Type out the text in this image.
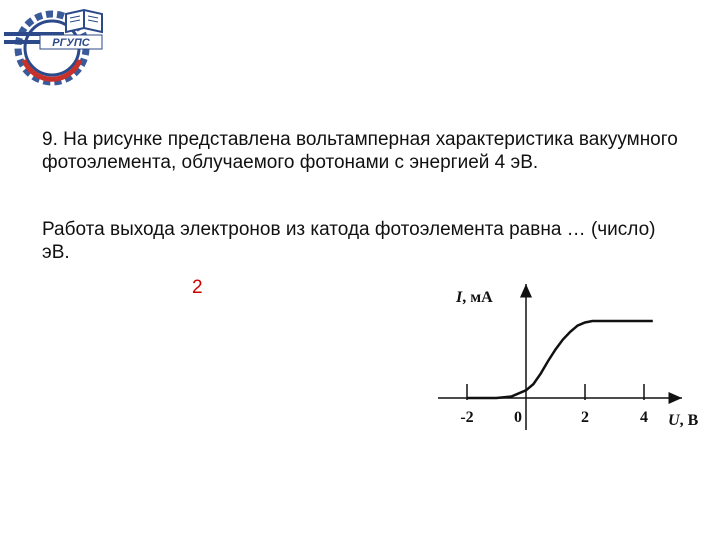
РГУПС

9. На рисунке представлена вольтамперная характеристика вакуумного фотоэлемента, облучаемого фотонами с энергией 4 эВ.

Работа выхода электронов из катода фотоэлемента равна … (число) эВ.

2
-2	0	2	4
I, мА
U, В
